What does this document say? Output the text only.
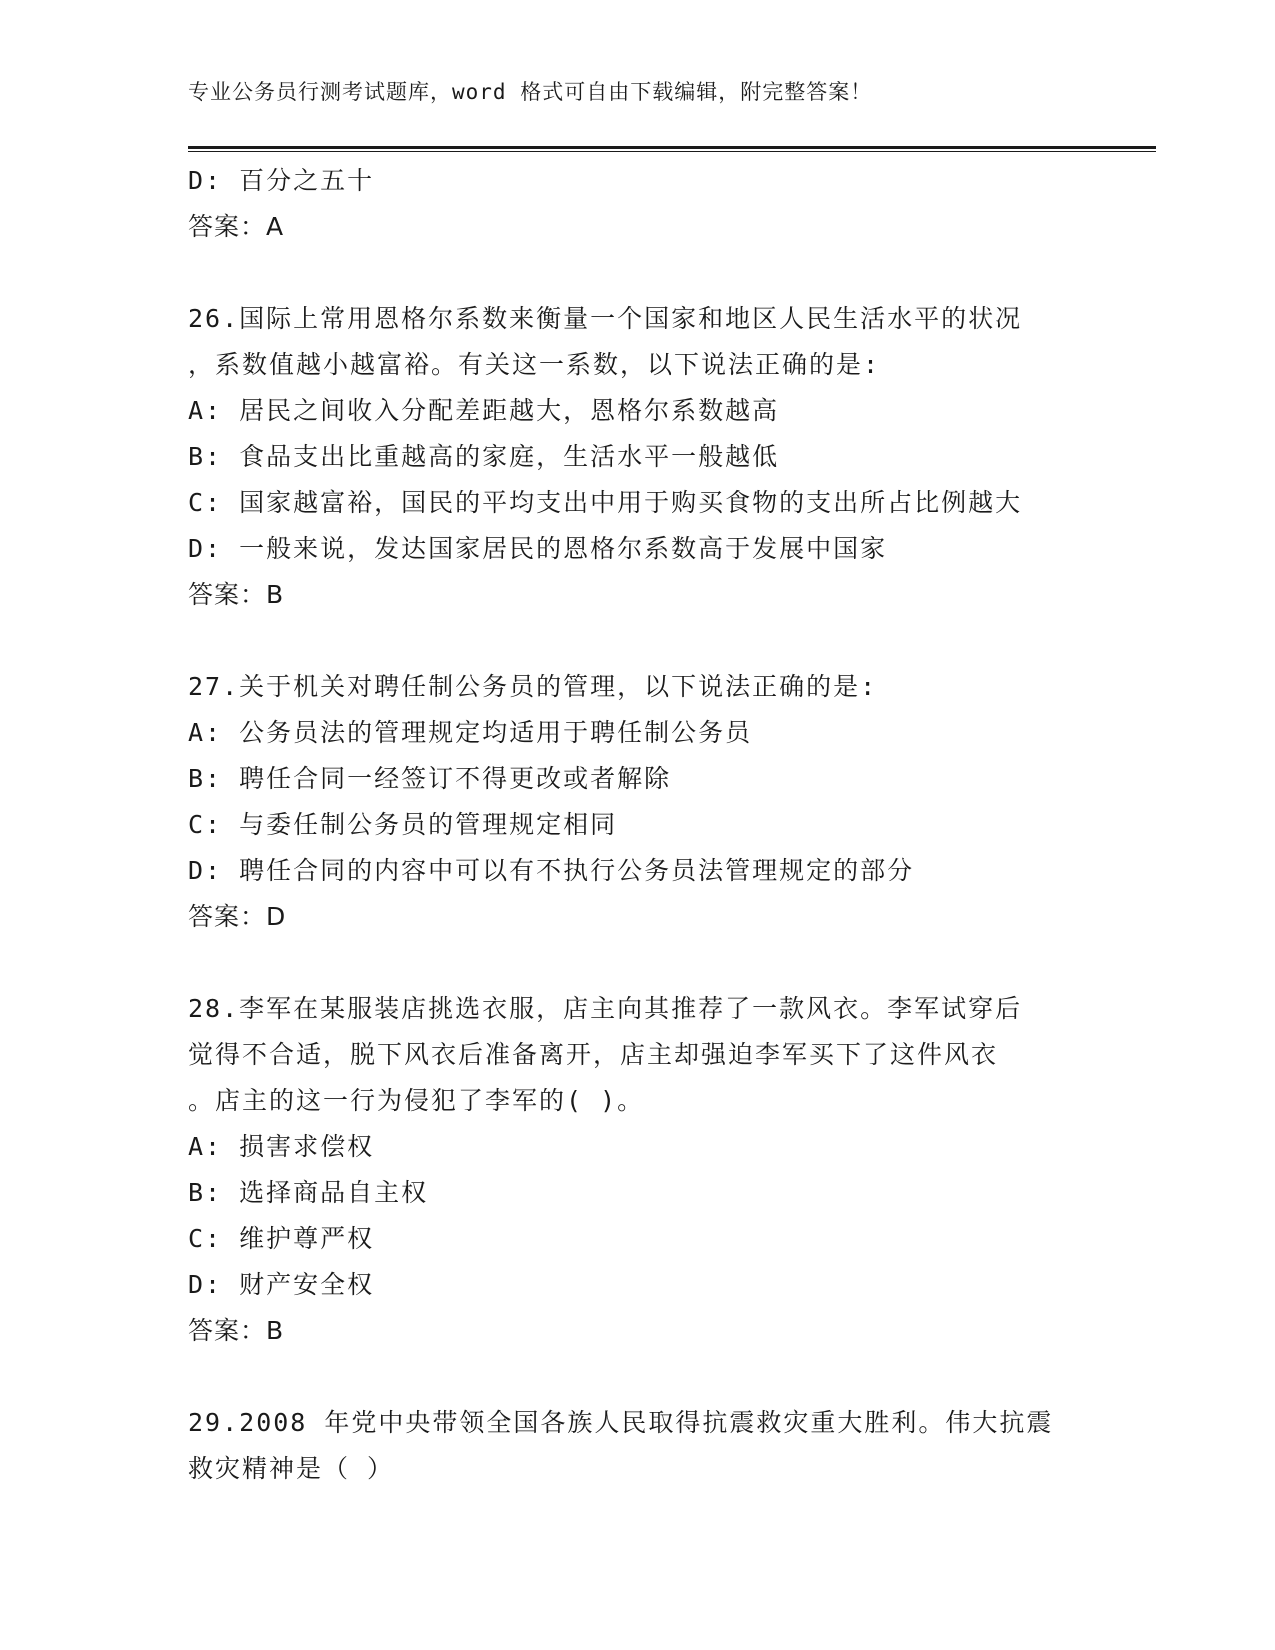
专业公务员行测考试题库，word 格式可自由下载编辑，附完整答案！
D: 百分之五十
答案：A
26.国际上常用恩格尔系数来衡量一个国家和地区人民生活水平的状况
，系数值越小越富裕。有关这一系数，以下说法正确的是:
A: 居民之间收入分配差距越大，恩格尔系数越高
B: 食品支出比重越高的家庭，生活水平一般越低
C: 国家越富裕，国民的平均支出中用于购买食物的支出所占比例越大
D: 一般来说，发达国家居民的恩格尔系数高于发展中国家
答案：B
27.关于机关对聘任制公务员的管理，以下说法正确的是:
A: 公务员法的管理规定均适用于聘任制公务员
B: 聘任合同一经签订不得更改或者解除
C: 与委任制公务员的管理规定相同
D: 聘任合同的内容中可以有不执行公务员法管理规定的部分
答案：D
28.李军在某服装店挑选衣服，店主向其推荐了一款风衣。李军试穿后
觉得不合适，脱下风衣后准备离开，店主却强迫李军买下了这件风衣
。店主的这一行为侵犯了李军的( )。
A: 损害求偿权
B: 选择商品自主权
C: 维护尊严权
D: 财产安全权
答案：B
29.2008 年党中央带领全国各族人民取得抗震救灾重大胜利。伟大抗震
救灾精神是（ ）
